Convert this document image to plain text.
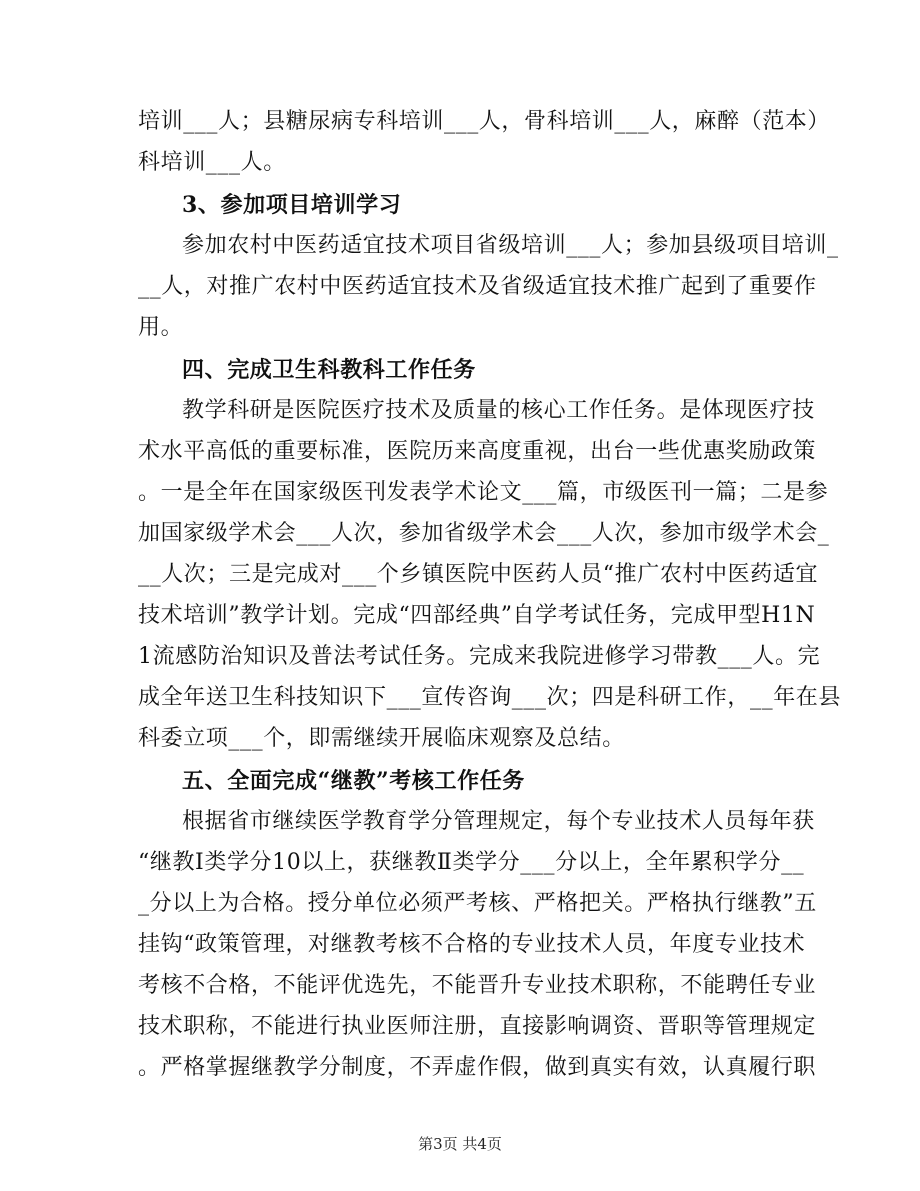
培训___人；县糖尿病专科培训___人，骨科培训___人，麻醉（范本）
科培训___人。
3、参加项目培训学习
参加农村中医药适宜技术项目省级培训___人；参加县级项目培训_
__人，对推广农村中医药适宜技术及省级适宜技术推广起到了重要作
用。
四、完成卫生科教科工作任务
教学科研是医院医疗技术及质量的核心工作任务。是体现医疗技
术水平高低的重要标准，医院历来高度重视，出台一些优惠奖励政策
。一是全年在国家级医刊发表学术论文___篇，市级医刊一篇；二是参
加国家级学术会___人次，参加省级学术会___人次，参加市级学术会_
__人次；三是完成对___个乡镇医院中医药人员“推广农村中医药适宜
技术培训”教学计划。完成“四部经典”自学考试任务，完成甲型H1N
1流感防治知识及普法考试任务。完成来我院进修学习带教___人。完
成全年送卫生科技知识下___宣传咨询___次；四是科研工作，__年在县
科委立项___个，即需继续开展临床观察及总结。
五、全面完成“继教”考核工作任务
根据省市继续医学教育学分管理规定，每个专业技术人员每年获
“继教Ⅰ类学分10以上，获继教Ⅱ类学分___分以上，全年累积学分__
_分以上为合格。授分单位必须严考核、严格把关。严格执行继教”五
挂钩“政策管理，对继教考核不合格的专业技术人员，年度专业技术
考核不合格，不能评优选先，不能晋升专业技术职称，不能聘任专业
技术职称，不能进行执业医师注册，直接影响调资、晋职等管理规定
。严格掌握继教学分制度，不弄虚作假，做到真实有效，认真履行职
第3页 共4页
